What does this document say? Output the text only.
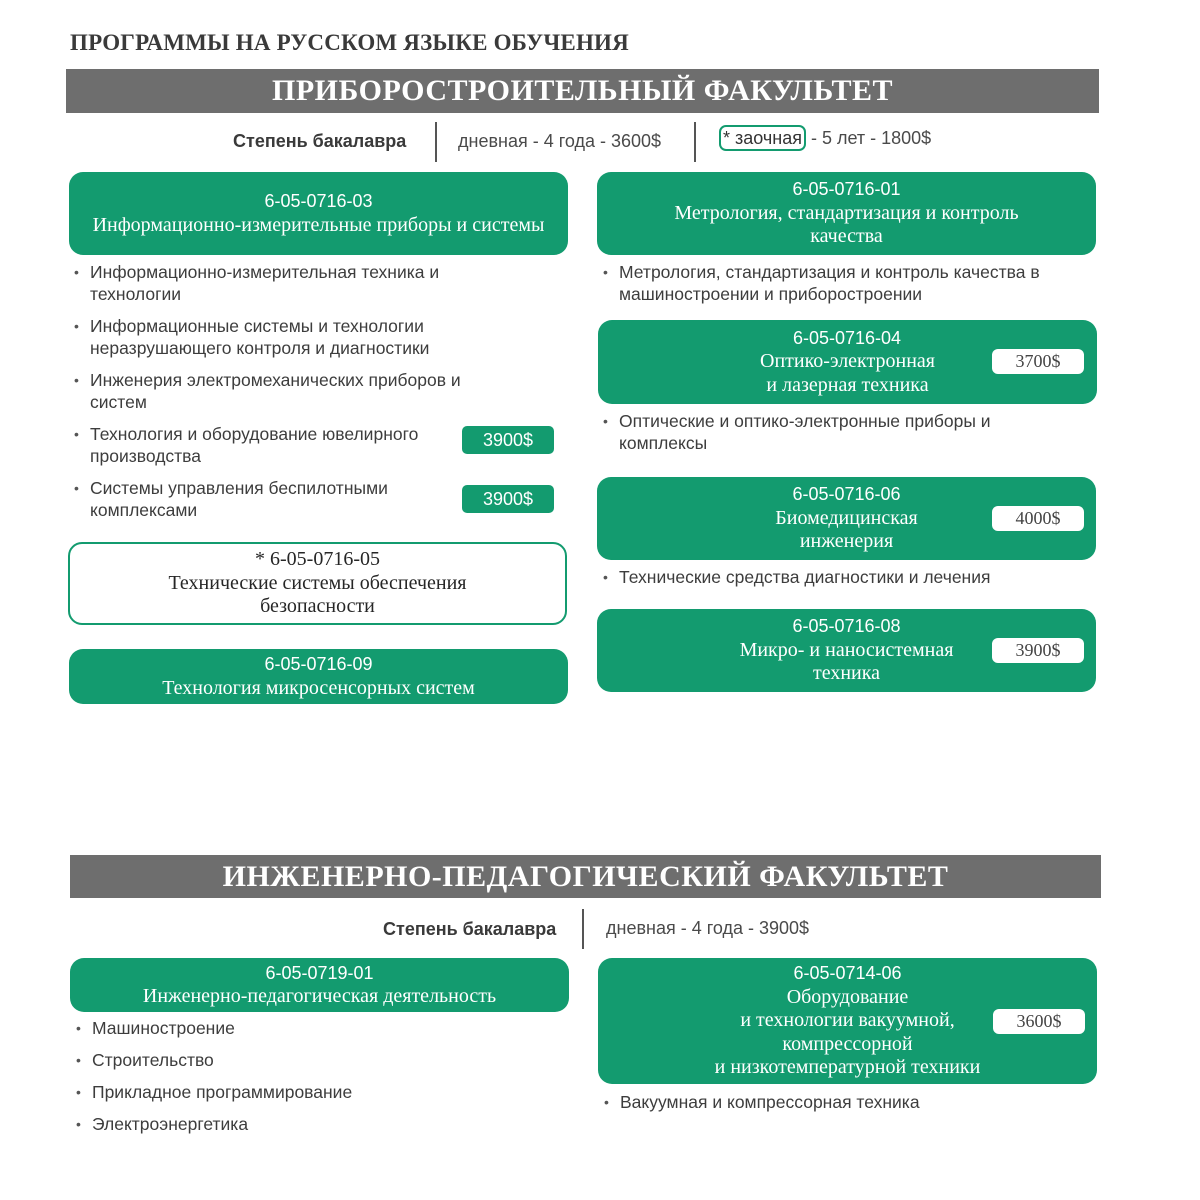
ПРОГРАММЫ НА РУССКОМ ЯЗЫКЕ ОБУЧЕНИЯ
ПРИБОРОСТРОИТЕЛЬНЫЙ ФАКУЛЬТЕТ
Степень бакалавра	дневная - 4 года - 3600$	* заочная - 5 лет - 1800$
6-05-0716-03
Информационно-измерительные приборы и системы
• Информационно-измерительная техника и технологии
• Информационные системы и технологии неразрушающего контроля и диагностики
• Инженерия электромеханических приборов и систем
• Технология и оборудование ювелирного производства
• Системы управления беспилотными комплексами
3900$
3900$
* 6-05-0716-05
Технические системы обеспечения безопасности
6-05-0716-09
Технология микросенсорных систем
6-05-0716-01
Метрология, стандартизация и контроль качества
• Метрология, стандартизация и контроль качества в машиностроении и приборостроении
6-05-0716-04
Оптико-электронная
и лазерная техника
3700$
• Оптические и оптико-электронные приборы и комплексы
6-05-0716-06
Биомедицинская
инженерия
4000$
• Технические средства диагностики и лечения
6-05-0716-08
Микро- и наносистемная
техника
3900$
ИНЖЕНЕРНО-ПЕДАГОГИЧЕСКИЙ ФАКУЛЬТЕТ
Степень бакалавра	дневная - 4 года - 3900$
6-05-0719-01
Инженерно-педагогическая деятельность
• Машиностроение
• Строительство
• Прикладное программирование
• Электроэнергетика
6-05-0714-06
Оборудование
и технологии вакуумной,
компрессорной
и низкотемпературной техники
3600$
• Вакуумная и компрессорная техника
